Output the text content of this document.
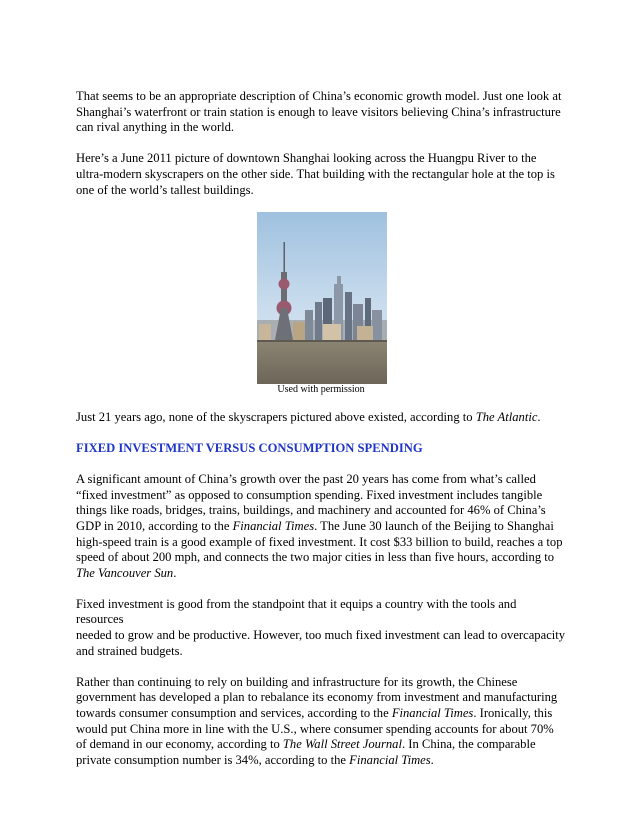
That seems to be an appropriate description of China’s economic growth model. Just one look at
Shanghai’s waterfront or train station is enough to leave visitors believing China’s infrastructure
can rival anything in the world.

Here’s a June 2011 picture of downtown Shanghai looking across the Huangpu River to the
ultra-modern skyscrapers on the other side. That building with the rectangular hole at the top is
one of the world’s tallest buildings.

Used with permission

Just 21 years ago, none of the skyscrapers pictured above existed, according to The Atlantic.

FIXED INVESTMENT VERSUS CONSUMPTION SPENDING

A significant amount of China’s growth over the past 20 years has come from what’s called
“fixed investment” as opposed to consumption spending. Fixed investment includes tangible
things like roads, bridges, trains, buildings, and machinery and accounted for 46% of China’s
GDP in 2010, according to the Financial Times. The June 30 launch of the Beijing to Shanghai
high-speed train is a good example of fixed investment. It cost $33 billion to build, reaches a top
speed of about 200 mph, and connects the two major cities in less than five hours, according to
The Vancouver Sun.

Fixed investment is good from the standpoint that it equips a country with the tools and resources
needed to grow and be productive. However, too much fixed investment can lead to overcapacity
and strained budgets.

Rather than continuing to rely on building and infrastructure for its growth, the Chinese
government has developed a plan to rebalance its economy from investment and manufacturing
towards consumer consumption and services, according to the Financial Times. Ironically, this
would put China more in line with the U.S., where consumer spending accounts for about 70%
of demand in our economy, according to The Wall Street Journal. In China, the comparable
private consumption number is 34%, according to the Financial Times.
